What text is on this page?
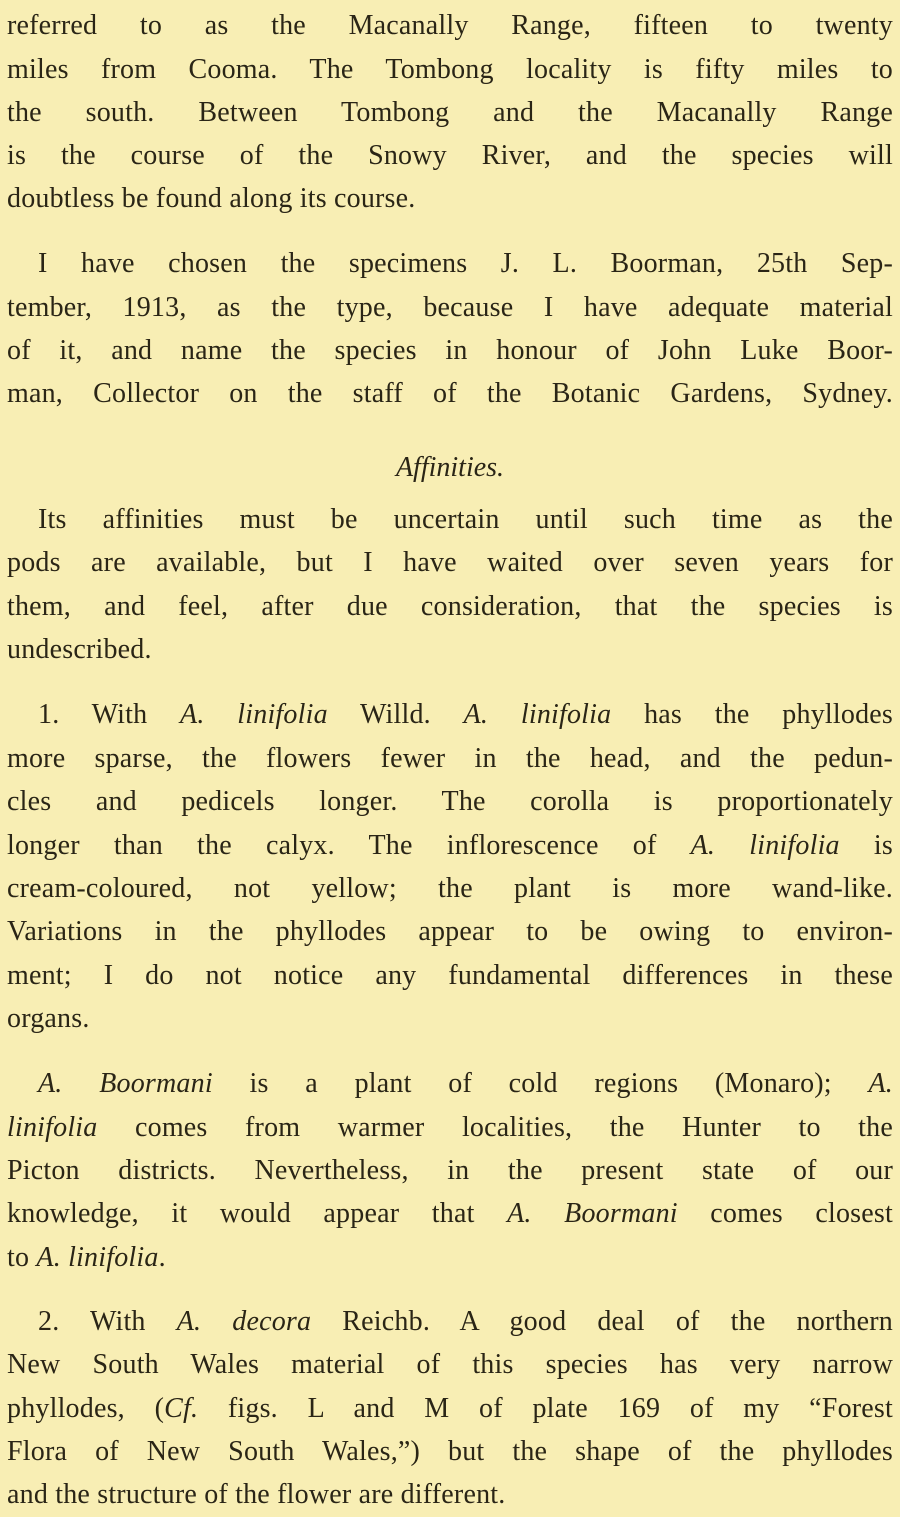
referred to as the Macanally Range, fifteen to twenty
miles from Cooma. The Tombong locality is fifty miles to
the south. Between Tombong and the Macanally Range
is the course of the Snowy River, and the species will
doubtless be found along its course.
I have chosen the specimens J. L. Boorman, 25th Sep-
tember, 1913, as the type, because I have adequate material
of it, and name the species in honour of John Luke Boor-
man, Collector on the staff of the Botanic Gardens, Sydney.
Affinities.
Its affinities must be uncertain until such time as the
pods are available, but I have waited over seven years for
them, and feel, after due consideration, that the species is
undescribed.
1. With A. linifolia Willd. A. linifolia has the phyllodes
more sparse, the flowers fewer in the head, and the pedun-
cles and pedicels longer. The corolla is proportionately
longer than the calyx. The inflorescence of A. linifolia is
cream-coloured, not yellow; the plant is more wand-like.
Variations in the phyllodes appear to be owing to environ-
ment; I do not notice any fundamental differences in these
organs.
A. Boormani is a plant of cold regions (Monaro); A.
linifolia comes from warmer localities, the Hunter to the
Picton districts. Nevertheless, in the present state of our
knowledge, it would appear that A. Boormani comes closest
to A. linifolia.
2. With A. decora Reichb. A good deal of the northern
New South Wales material of this species has very narrow
phyllodes, (Cf. figs. L and M of plate 169 of my “Forest
Flora of New South Wales,”) but the shape of the phyllodes
and the structure of the flower are different.
